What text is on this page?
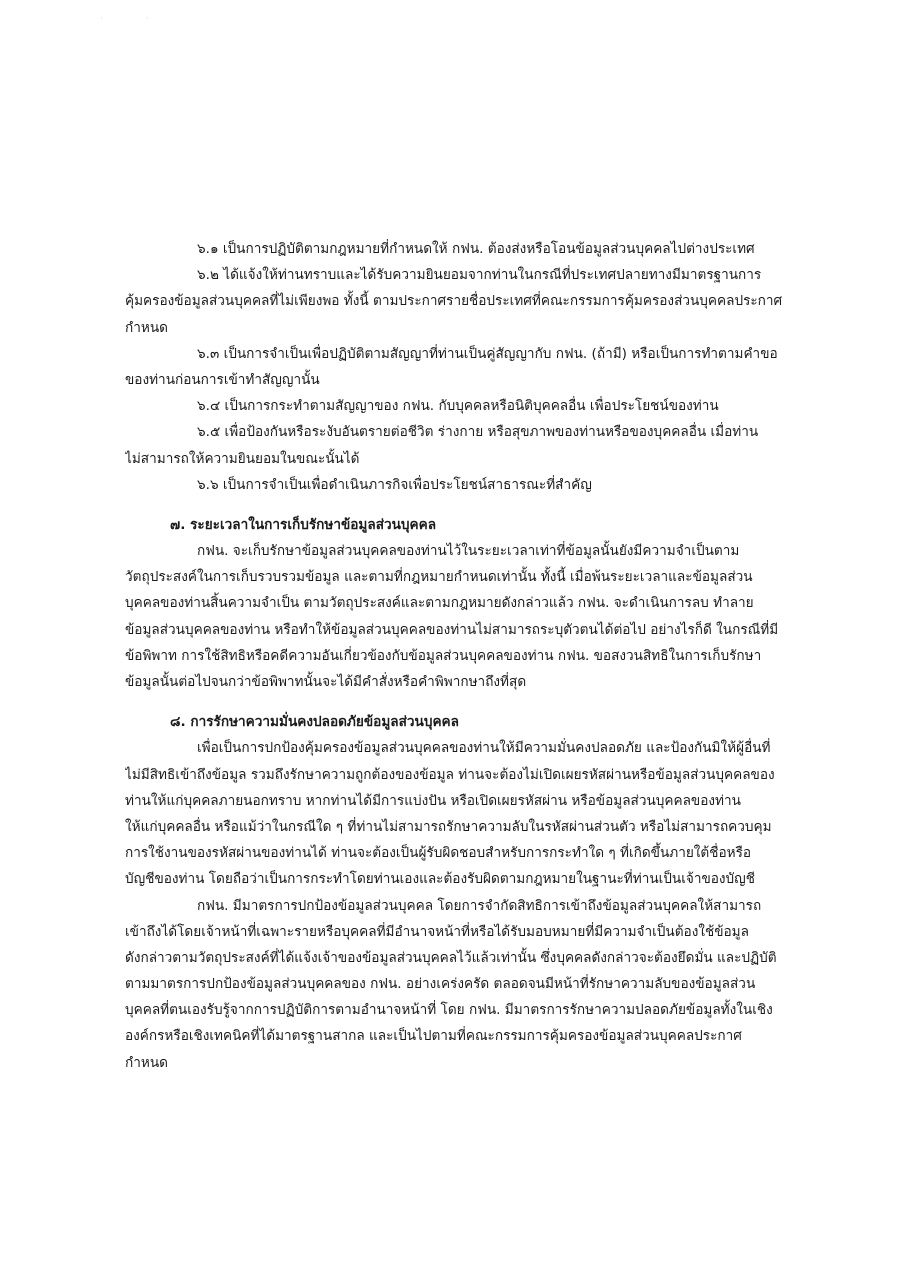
· ·
๖.๑ เป็นการปฏิบัติตามกฎหมายที่กำหนดให้ กฟน. ต้องส่งหรือโอนข้อมูลส่วนบุคคลไปต่างประเทศ
๖.๒ ได้แจ้งให้ท่านทราบและได้รับความยินยอมจากท่านในกรณีที่ประเทศปลายทางมีมาตรฐานการ
คุ้มครองข้อมูลส่วนบุคคลที่ไม่เพียงพอ ทั้งนี้ ตามประกาศรายชื่อประเทศที่คณะกรรมการคุ้มครองส่วนบุคคลประกาศ
กำหนด
๖.๓ เป็นการจำเป็นเพื่อปฏิบัติตามสัญญาที่ท่านเป็นคู่สัญญากับ กฟน. (ถ้ามี) หรือเป็นการทำตามคำขอ
ของท่านก่อนการเข้าทำสัญญานั้น
๖.๔ เป็นการกระทำตามสัญญาของ กฟน. กับบุคคลหรือนิติบุคคลอื่น เพื่อประโยชน์ของท่าน
๖.๕ เพื่อป้องกันหรือระงับอันตรายต่อชีวิต ร่างกาย หรือสุขภาพของท่านหรือของบุคคลอื่น เมื่อท่าน
ไม่สามารถให้ความยินยอมในขณะนั้นได้
๖.๖ เป็นการจำเป็นเพื่อดำเนินภารกิจเพื่อประโยชน์สาธารณะที่สำคัญ
๗. ระยะเวลาในการเก็บรักษาข้อมูลส่วนบุคคล
กฟน. จะเก็บรักษาข้อมูลส่วนบุคคลของท่านไว้ในระยะเวลาเท่าที่ข้อมูลนั้นยังมีความจำเป็นตาม
วัตถุประสงค์ในการเก็บรวบรวมข้อมูล และตามที่กฎหมายกำหนดเท่านั้น ทั้งนี้ เมื่อพ้นระยะเวลาและข้อมูลส่วน
บุคคลของท่านสิ้นความจำเป็น ตามวัตถุประสงค์และตามกฎหมายดังกล่าวแล้ว กฟน. จะดำเนินการลบ ทำลาย
ข้อมูลส่วนบุคคลของท่าน หรือทำให้ข้อมูลส่วนบุคคลของท่านไม่สามารถระบุตัวตนได้ต่อไป อย่างไรก็ดี ในกรณีที่มี
ข้อพิพาท การใช้สิทธิหรือคดีความอันเกี่ยวข้องกับข้อมูลส่วนบุคคลของท่าน กฟน. ขอสงวนสิทธิในการเก็บรักษา
ข้อมูลนั้นต่อไปจนกว่าข้อพิพาทนั้นจะได้มีคำสั่งหรือคำพิพากษาถึงที่สุด
๘. การรักษาความมั่นคงปลอดภัยข้อมูลส่วนบุคคล
เพื่อเป็นการปกป้องคุ้มครองข้อมูลส่วนบุคคลของท่านให้มีความมั่นคงปลอดภัย และป้องกันมิให้ผู้อื่นที่
ไม่มีสิทธิเข้าถึงข้อมูล รวมถึงรักษาความถูกต้องของข้อมูล ท่านจะต้องไม่เปิดเผยรหัสผ่านหรือข้อมูลส่วนบุคคลของ
ท่านให้แก่บุคคลภายนอกทราบ หากท่านได้มีการแบ่งปัน หรือเปิดเผยรหัสผ่าน หรือข้อมูลส่วนบุคคลของท่าน
ให้แก่บุคคลอื่น หรือแม้ว่าในกรณีใด ๆ ที่ท่านไม่สามารถรักษาความลับในรหัสผ่านส่วนตัว หรือไม่สามารถควบคุม
การใช้งานของรหัสผ่านของท่านได้ ท่านจะต้องเป็นผู้รับผิดชอบสำหรับการกระทำใด ๆ ที่เกิดขึ้นภายใต้ชื่อหรือ
บัญชีของท่าน โดยถือว่าเป็นการกระทำโดยท่านเองและต้องรับผิดตามกฎหมายในฐานะที่ท่านเป็นเจ้าของบัญชี
กฟน. มีมาตรการปกป้องข้อมูลส่วนบุคคล โดยการจำกัดสิทธิการเข้าถึงข้อมูลส่วนบุคคลให้สามารถ
เข้าถึงได้โดยเจ้าหน้าที่เฉพาะรายหรือบุคคลที่มีอำนาจหน้าที่หรือได้รับมอบหมายที่มีความจำเป็นต้องใช้ข้อมูล
ดังกล่าวตามวัตถุประสงค์ที่ได้แจ้งเจ้าของข้อมูลส่วนบุคคลไว้แล้วเท่านั้น ซึ่งบุคคลดังกล่าวจะต้องยึดมั่น และปฏิบัติ
ตามมาตรการปกป้องข้อมูลส่วนบุคคลของ กฟน. อย่างเคร่งครัด ตลอดจนมีหน้าที่รักษาความลับของข้อมูลส่วน
บุคคลที่ตนเองรับรู้จากการปฏิบัติการตามอำนาจหน้าที่ โดย กฟน. มีมาตรการรักษาความปลอดภัยข้อมูลทั้งในเชิง
องค์กรหรือเชิงเทคนิคที่ได้มาตรฐานสากล และเป็นไปตามที่คณะกรรมการคุ้มครองข้อมูลส่วนบุคคลประกาศ
กำหนด
